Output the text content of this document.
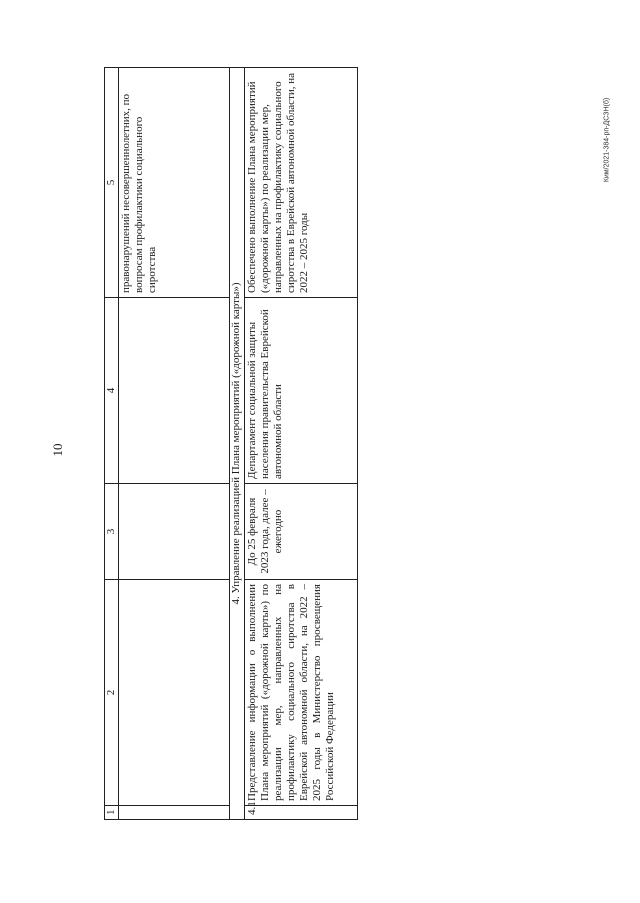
10
Ким/2021-384-рп-ДСЗН(б)
1	2	3	4	5
				правонарушений несовершеннолетних, по вопросам профилактики социального сиротства
4. Управление реализацией Плана мероприятий («дорожной карты»)				
4.1	Представление информации о выполнении Плана мероприятий («дорожной карты») по реализации мер, направленных на профилактику социального сиротства в Еврейской автономной области, на 2022 – 2025 годы в Министерство просвещения Российской Федерации	До 25 февраля 2023 года, далее – ежегодно	Департамент социальной защиты населения правительства Еврейской автономной области	Обеспечено выполнение Плана мероприятий («дорожной карты») по реализации мер, направленных на профилактику социального сиротства в Еврейской автономной области, на 2022 – 2025 годы
